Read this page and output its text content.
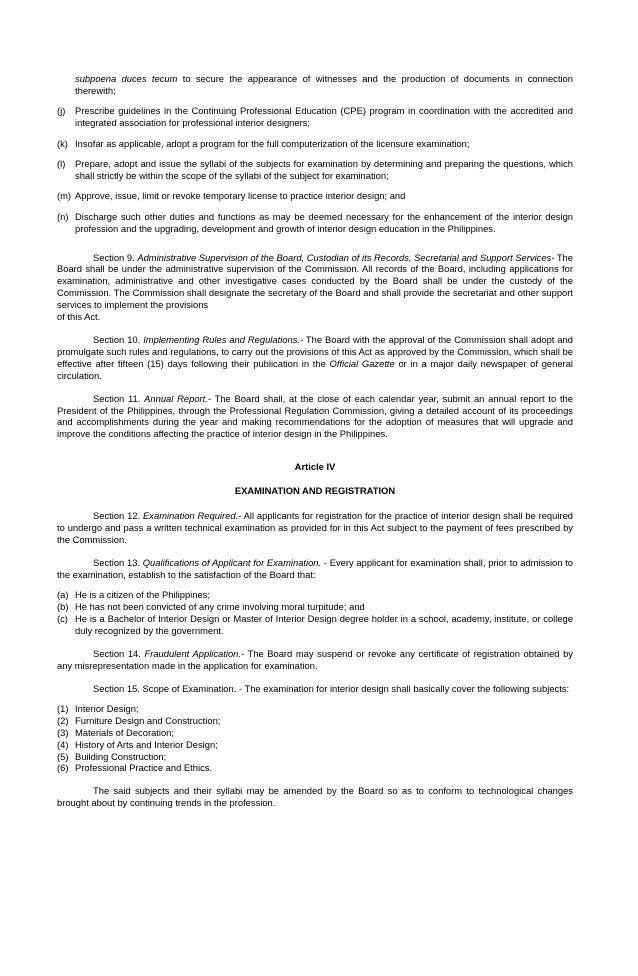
subpoena duces tecum to secure the appearance of witnesses and the production of documents in connection therewith;
(j) Prescribe guidelines in the Continuing Professional Education (CPE) program in coordination with the accredited and integrated association for professional interior designers;
(k) Insofar as applicable, adopt a program for the full computerization of the licensure examination;
(l) Prepare, adopt and issue the syllabi of the subjects for examination by determining and preparing the questions, which shall strictly be within the scope of the syllabi of the subject for examination;
(m) Approve, issue, limit or revoke temporary license to practice interior design; and
(n) Discharge such other duties and functions as may be deemed necessary for the enhancement of the interior design profession and the upgrading, development and growth of interior design education in the Philippines.
Section 9. Administrative Supervision of the Board, Custodian of its Records, Secretarial and Support Services- The Board shall be under the administrative supervision of the Commission. All records of the Board, including applications for examination, administrative and other investigative cases conducted by the Board shall be under the custody of the Commission. The Commission shall designate the secretary of the Board and shall provide the secretariat and other support services to implement the provisions
of this Act.
Section 10. Implementing Rules and Regulations.- The Board with the approval of the Commission shall adopt and promulgate such rules and regulations, to carry out the provisions of this Act as approved by the Commission, which shall be effective after fifteen (15) days following their publication in the Official Gazette or in a major daily newspaper of general circulation.
Section 11. Annual Report.- The Board shall, at the close of each calendar year, submit an annual report to the President of the Philippines, through the Professional Regulation Commission, giving a detailed account of its proceedings and accomplishments during the year and making recommendations for the adoption of measures that will upgrade and improve the conditions affecting the practice of interior design in the Philippines.
Article IV
EXAMINATION AND REGISTRATION
Section 12. Examination Required.- All applicants for registration for the practice of interior design shall be required to undergo and pass a written technical examination as provided for in this Act subject to the payment of fees prescribed by the Commission.
Section 13. Qualifications of Applicant for Examination. - Every applicant for examination shall, prior to admission to the examination, establish to the satisfaction of the Board that:
(a) He is a citizen of the Philippines;
(b) He has not been convicted of any crime involving moral turpitude; and
(c) He is a Bachelor of Interior Design or Master of Interior Design degree holder in a school, academy, institute, or college duly recognized by the government.
Section 14. Fraudulent Application.- The Board may suspend or revoke any certificate of registration obtained by any misrepresentation made in the application for examination.
Section 15. Scope of Examination. - The examination for interior design shall basically cover the following subjects:
(1) Interior Design;
(2) Furniture Design and Construction;
(3) Materials of Decoration;
(4) History of Arts and Interior Design;
(5) Building Construction;
(6) Professional Practice and Ethics.
The said subjects and their syllabi may be amended by the Board so as to conform to technological changes brought about by continuing trends in the profession.
